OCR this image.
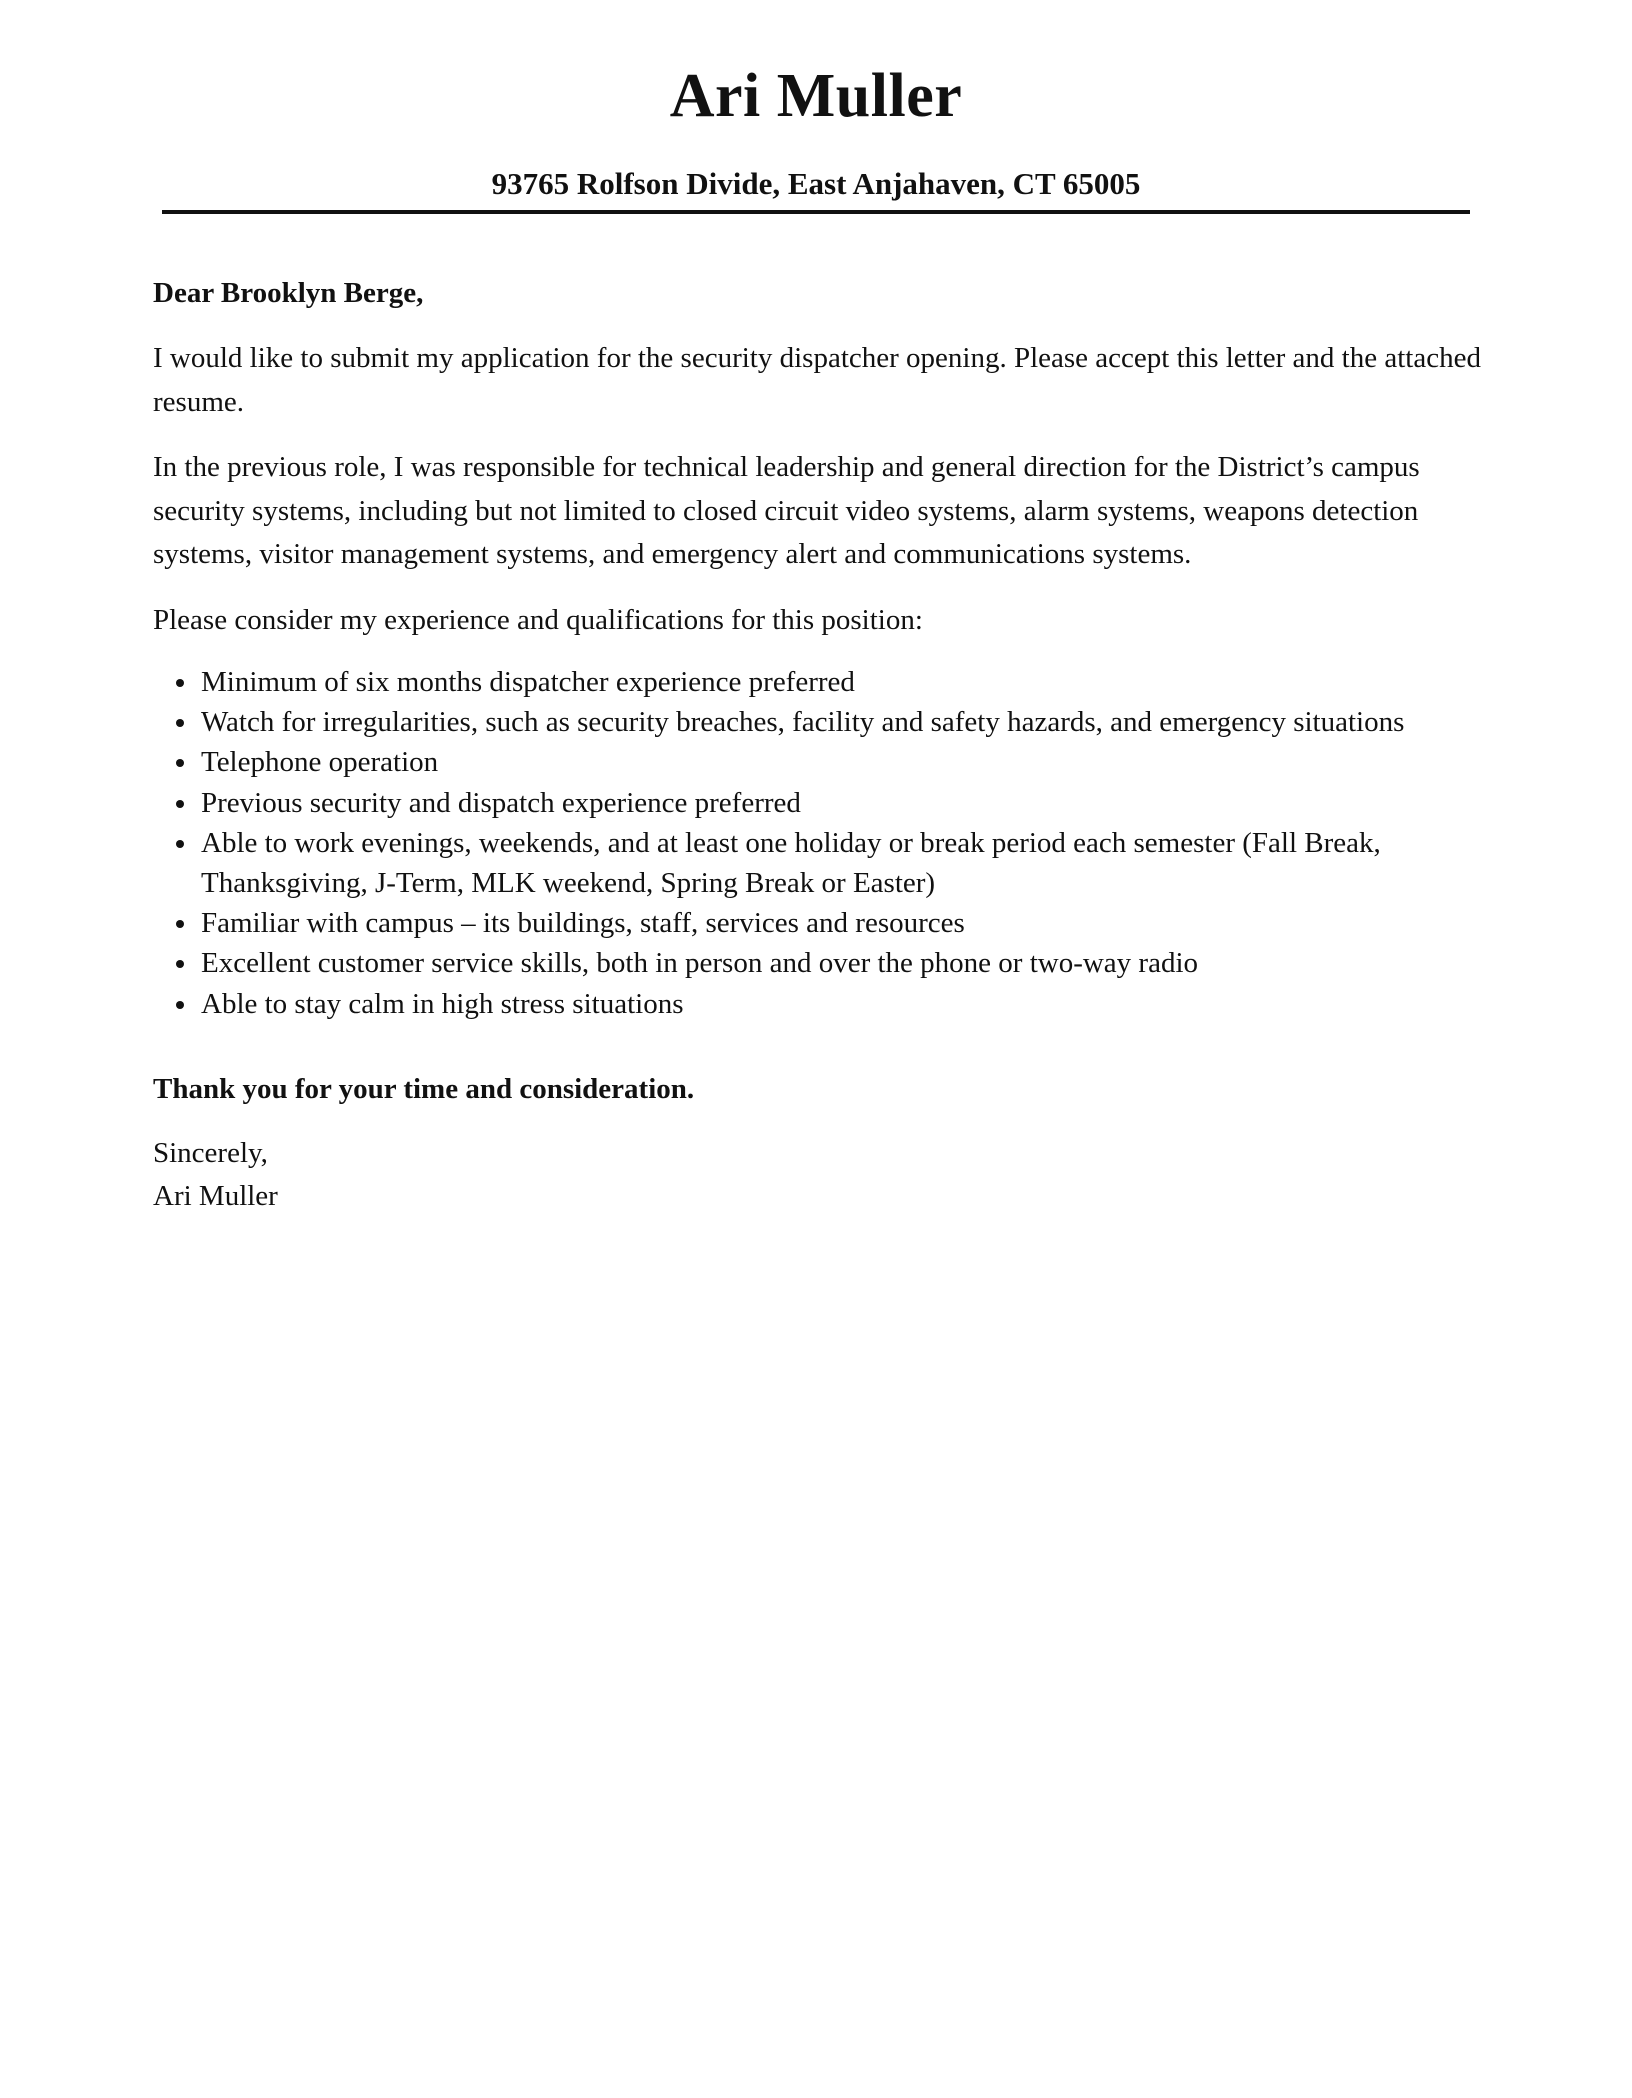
Ari Muller
93765 Rolfson Divide, East Anjahaven, CT 65005

Dear Brooklyn Berge,

I would like to submit my application for the security dispatcher opening. Please accept this letter and the attached resume.

In the previous role, I was responsible for technical leadership and general direction for the District’s campus security systems, including but not limited to closed circuit video systems, alarm systems, weapons detection systems, visitor management systems, and emergency alert and communications systems.

Please consider my experience and qualifications for this position:

Minimum of six months dispatcher experience preferred
Watch for irregularities, such as security breaches, facility and safety hazards, and emergency situations
Telephone operation
Previous security and dispatch experience preferred
Able to work evenings, weekends, and at least one holiday or break period each semester (Fall Break, Thanksgiving, J-Term, MLK weekend, Spring Break or Easter)
Familiar with campus – its buildings, staff, services and resources
Excellent customer service skills, both in person and over the phone or two-way radio
Able to stay calm in high stress situations

Thank you for your time and consideration.

Sincerely,

Ari Muller
